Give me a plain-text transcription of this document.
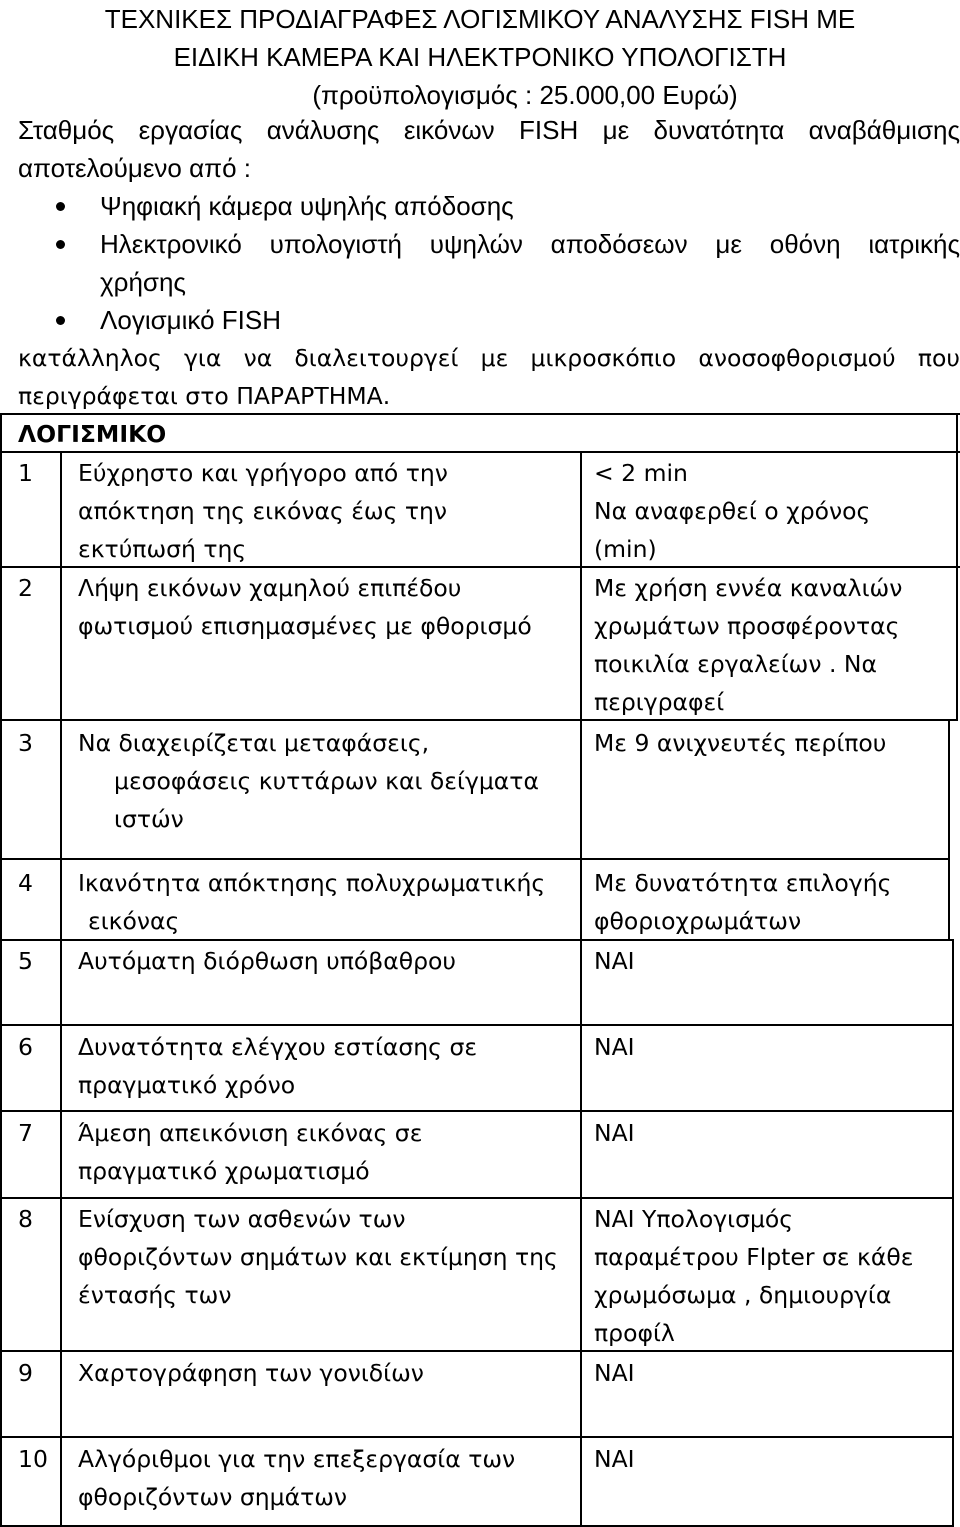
ΤΕΧΝΙΚΕΣ ΠΡΟΔΙΑΓΡΑΦΕΣ ΛΟΓΙΣΜΙΚΟΥ ΑΝΑΛΥΣΗΣ FISH ΜΕ
ΕΙΔΙΚΗ ΚΑΜΕΡΑ ΚΑΙ ΗΛΕΚΤΡΟΝΙΚΟ ΥΠΟΛΟΓΙΣΤΗ
(προϋπολογισμός : 25.000,00 Ευρώ)
Σταθμός εργασίας ανάλυσης εικόνων FISH με δυνατότητα αναβάθμισης
αποτελούμενο από :
Ψηφιακή κάμερα υψηλής απόδοσης
Ηλεκτρονικό υπολογιστή υψηλών αποδόσεων με οθόνη ιατρικής
χρήσης
Λογισμικό FISH
κατάλληλος για να διαλειτουργεί με μικροσκόπιο ανοσοφθορισμού που
περιγράφεται στο ΠΑΡΑΡΤΗΜΑ.
ΛΟΓΙΣΜΙΚΟ
1 Εύχρηστο και γρήγορο από την
απόκτηση της εικόνας έως την
εκτύπωσή της
< 2 min
Να αναφερθεί ο χρόνος
(min)
2 Λήψη εικόνων χαμηλού επιπέδου
φωτισμού επισημασμένες με φθορισμό
Με χρήση εννέα καναλιών
χρωμάτων προσφέροντας
ποικιλία εργαλείων . Να
περιγραφεί
3 Να διαχειρίζεται μεταφάσεις,
μεσοφάσεις κυττάρων και δείγματα
ιστών
Με 9 ανιχνευτές περίπου
4 Ικανότητα απόκτησης πολυχρωματικής
εικόνας
Με δυνατότητα επιλογής
φθοριοχρωμάτων
5 Αυτόματη διόρθωση υπόβαθρου	ΝΑΙ
6 Δυνατότητα ελέγχου εστίασης σε
πραγματικό χρόνο
ΝΑΙ
7 Άμεση απεικόνιση εικόνας σε
πραγματικό χρωματισμό
ΝΑΙ
8 Ενίσχυση των ασθενών των
φθοριζόντων σημάτων και εκτίμηση της
έντασής των
ΝΑΙ Υπολογισμός
παραμέτρου Flpter σε κάθε
χρωμόσωμα , δημιουργία
προφίλ
9 Χαρτογράφηση των γονιδίων	ΝΑΙ
10 Αλγόριθμοι για την επεξεργασία των
φθοριζόντων σημάτων
ΝΑΙ
